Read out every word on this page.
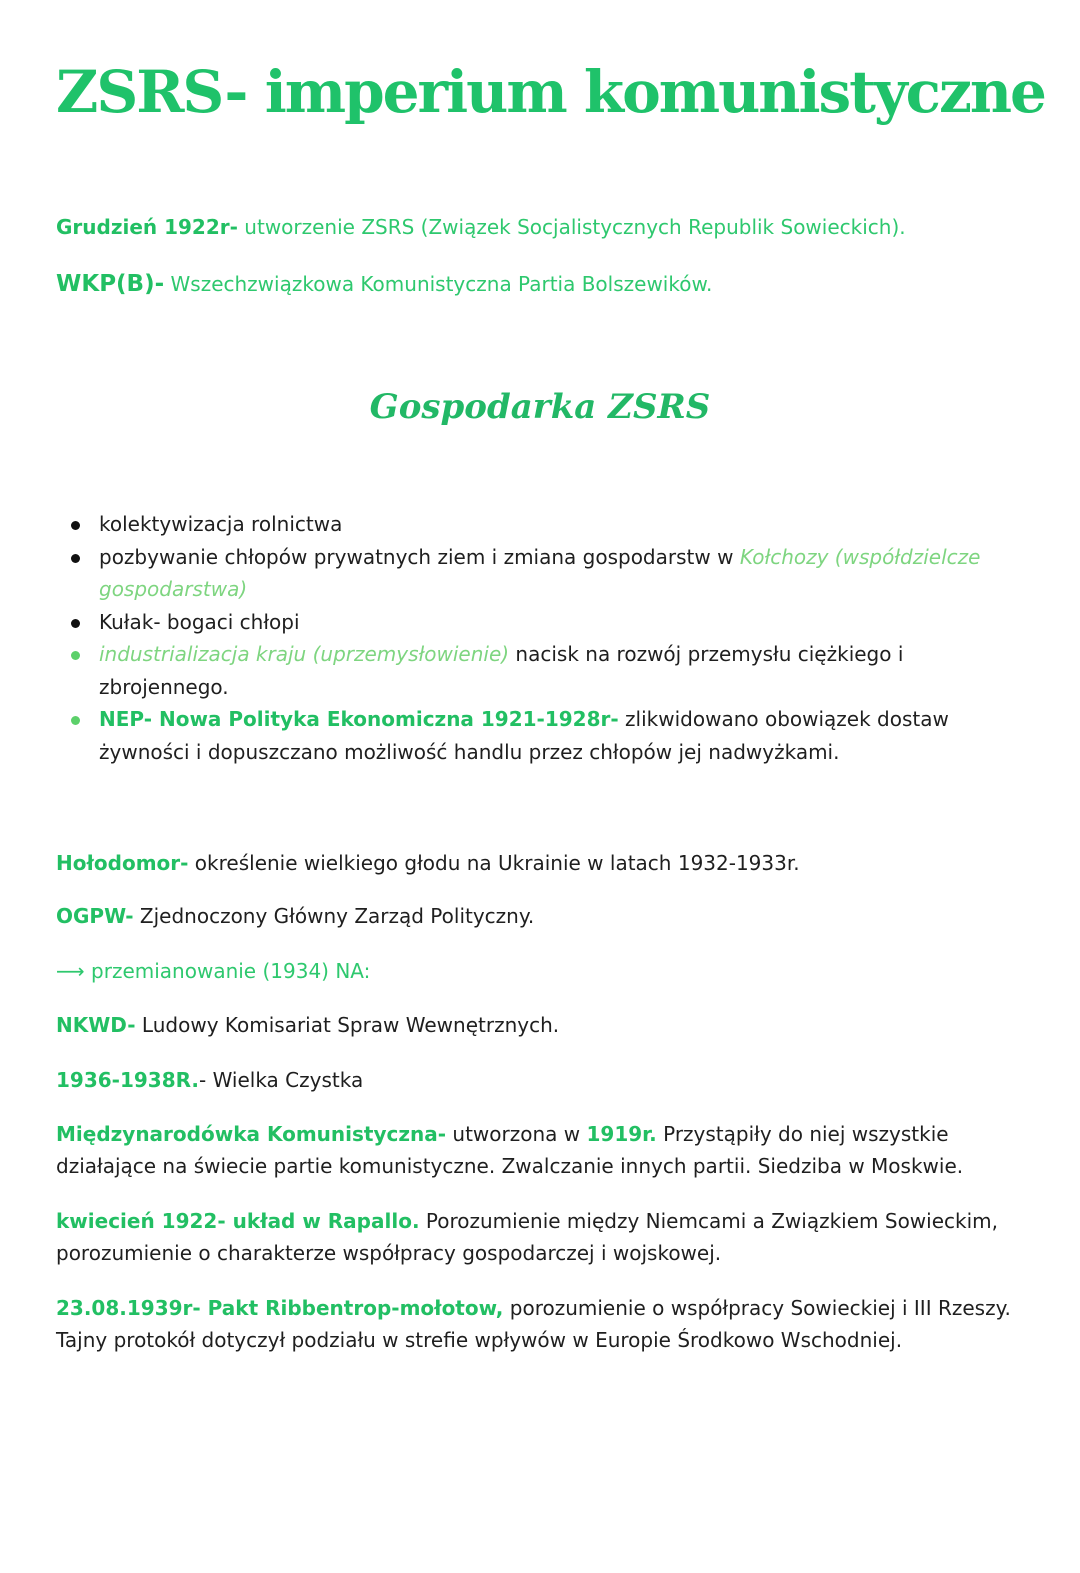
ZSRS- imperium komunistyczne

Grudzień 1922r- utworzenie ZSRS (Związek Socjalistycznych Republik Sowieckich).

WKP(B)- Wszechzwiązkowa Komunistyczna Partia Bolszewików.

Gospodarka ZSRS
kolektywizacja rolnictwa
pozbywanie chłopów prywatnych ziem i zmiana gospodarstw w Kołchozy (współdzielcze gospodarstwa)
Kułak- bogaci chłopi
industrializacja kraju (uprzemysłowienie) nacisk na rozwój przemysłu ciężkiego i zbrojennego.
NEP- Nowa Polityka Ekonomiczna 1921-1928r- zlikwidowano obowiązek dostaw żywności i dopuszczano możliwość handlu przez chłopów jej nadwyżkami.

Hołodomor- określenie wielkiego głodu na Ukrainie w latach 1932-1933r.

OGPW- Zjednoczony Główny Zarząd Polityczny.

⟶ przemianowanie (1934) NA:

NKWD- Ludowy Komisariat Spraw Wewnętrznych.

1936-1938R.- Wielka Czystka

Międzynarodówka Komunistyczna- utworzona w 1919r. Przystąpiły do niej wszystkie działające na świecie partie komunistyczne. Zwalczanie innych partii. Siedziba w Moskwie.

kwiecień 1922- układ w Rapallo. Porozumienie między Niemcami a Związkiem Sowieckim, porozumienie o charakterze współpracy gospodarczej i wojskowej.

23.08.1939r- Pakt Ribbentrop-mołotow, porozumienie o współpracy Sowieckiej i III Rzeszy. Tajny protokół dotyczył podziału w strefie wpływów w Europie Środkowo Wschodniej.
